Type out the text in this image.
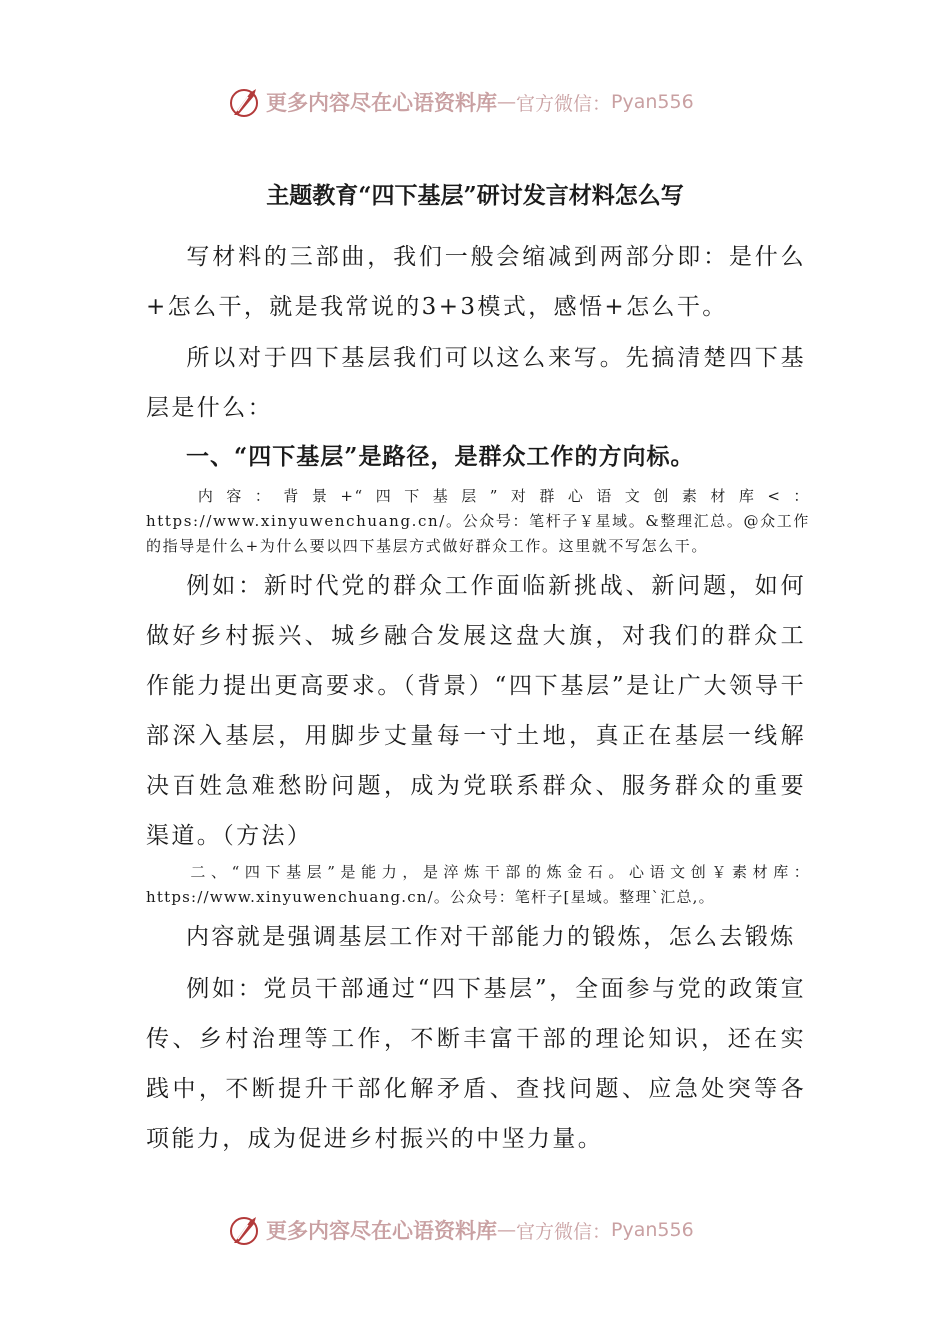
更多内容尽在心语资料库 — 官方微信： Pyan556
主题教育“四下基层”研讨发言材料怎么写
写材料的三部曲，我们一般会缩减到两部分即：是什么+怎么干，就是我常说的3+3模式，感悟+怎么干。
所以对于四下基层我们可以这么来写。先搞清楚四下基层是什么：
一、“四下基层”是路径，是群众工作的方向标。
内容：背景+“四下基层”对群心语文创素材库<：https://www.xinyuwenchuang.cn/。公众号：笔杆子￥星域。&整理汇总。@众工作的指导是什么+为什么要以四下基层方式做好群众工作。这里就不写怎么干。
例如：新时代党的群众工作面临新挑战、新问题，如何做好乡村振兴、城乡融合发展这盘大旗，对我们的群众工作能力提出更高要求。（背景）“四下基层”是让广大领导干部深入基层，用脚步丈量每一寸土地，真正在基层一线解决百姓急难愁盼问题，成为党联系群众、服务群众的重要渠道。（方法）
二、“四下基层”是能力，是淬炼干部的炼金石。心语文创￥素材库：https://www.xinyuwenchuang.cn/。公众号：笔杆子[星域。整理`汇总,。
内容就是强调基层工作对干部能力的锻炼，怎么去锻炼
例如：党员干部通过“四下基层”，全面参与党的政策宣传、乡村治理等工作，不断丰富干部的理论知识，还在实践中，不断提升干部化解矛盾、查找问题、应急处突等各项能力，成为促进乡村振兴的中坚力量。
更多内容尽在心语资料库 — 官方微信： Pyan556
